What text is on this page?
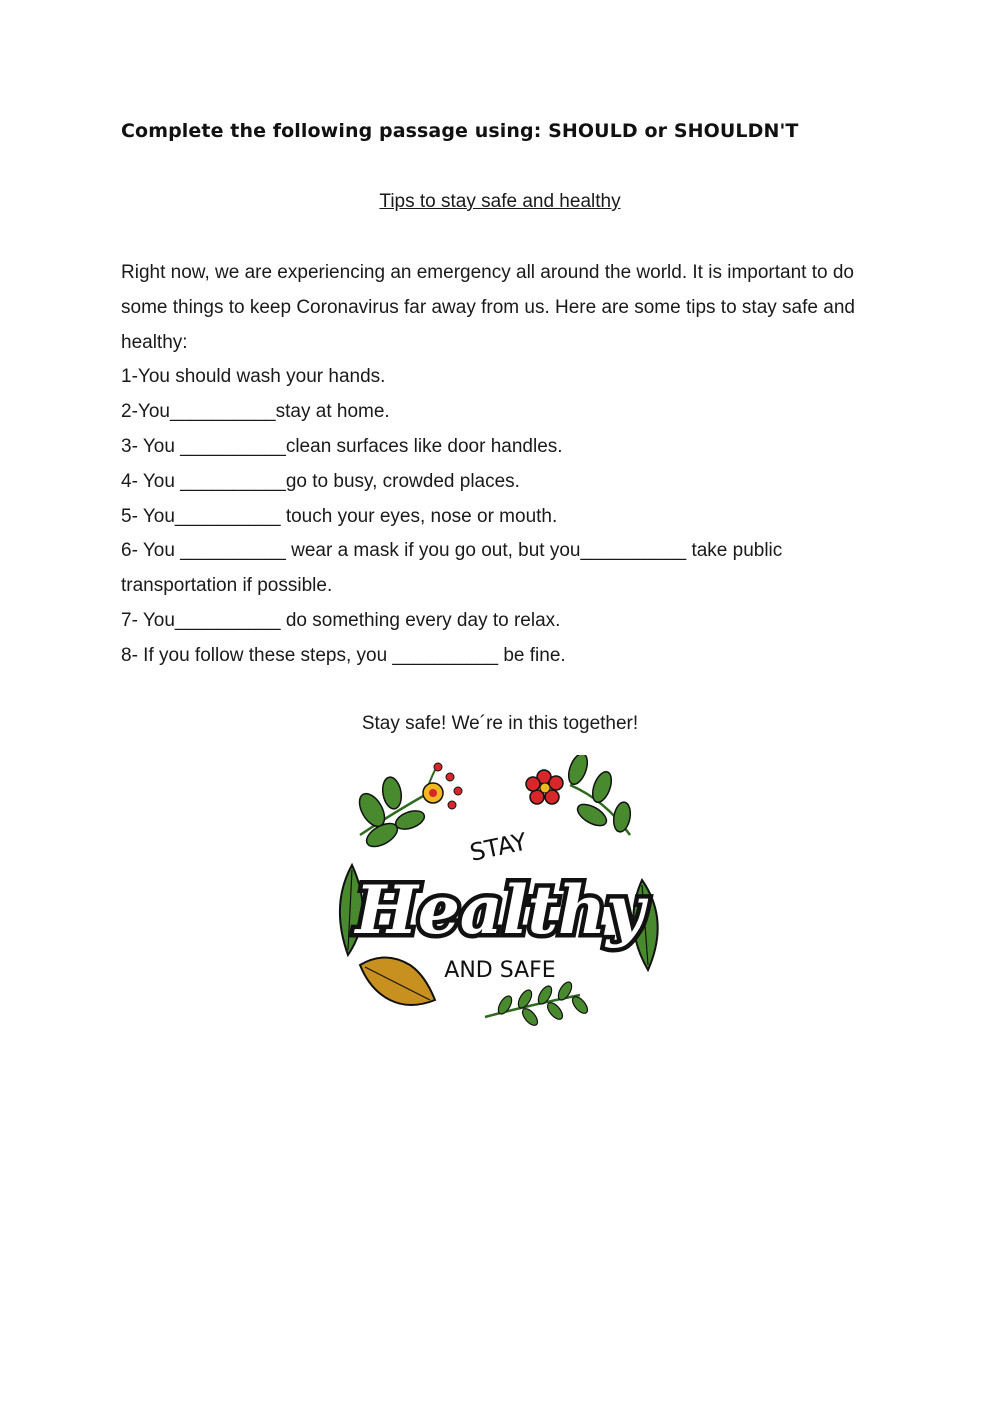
Complete the following passage using: SHOULD or SHOULDN'T
Tips to stay safe and healthy

Right now, we are experiencing an emergency all around the world. It is important to do some things to keep Coronavirus far away from us. Here are some tips to stay safe and healthy:

1-You should wash your hands.

2-You__________stay at home.

3- You __________clean surfaces like door handles.

4- You __________go to busy, crowded places.

5- You__________ touch your eyes, nose or mouth.

6- You __________ wear a mask if you go out, but you__________ take public transportation if possible.

7- You__________ do something every day to relax.

8- If you follow these steps, you __________ be fine.

Stay safe! We´re in this together!
STAY
Healthy
AND SAFE
